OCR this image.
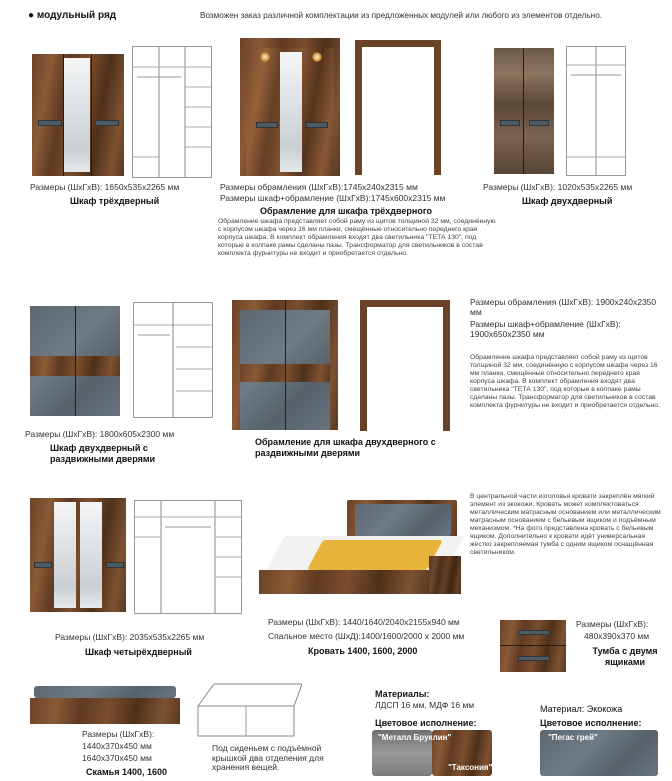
● модульный ряд	Возможен заказ различной комплектации из предложенных модулей или любого из элементов отдельно.
Размеры (ШхГхВ): 1650х535х2265 мм
Шкаф трёхдверный
Размеры обрамления (ШхГхВ):1745х240х2315 мм
Размеры шкаф+обрамление (ШхГхВ):1745х600х2315 мм
Обрамление для шкафа трёхдверного
Обрамление шкафа представляет собой раму из щитов толщиной 32 мм, соединённую с корпусом шкафа через 16 мм планки, смещённые относительно переднего края корпуса шкафа. В комплект обрамления входят два светильника "ТЕТА 130", под которые в колпаке рамы сделаны пазы. Трансформатор для светильников в состав комплекта фурнитуры не входит и приобретается отдельно.
Размеры (ШхГхВ): 1020х535х2265 мм
Шкаф двухдверный
Размеры (ШхГхВ): 1800х605х2300 мм
Шкаф двухдверный с раздвижными дверями
Обрамление для шкафа двухдверного с раздвижными дверями
Размеры обрамления (ШхГхВ): 1900х240х2350 мм
Размеры шкаф+обрамление (ШхГхВ): 1900х650х2350 мм
Обрамление шкафа представляет собой раму из щитов толщиной 32 мм, соединённую с корпусом шкафа через 16 мм планки, смещённые относительно переднего края корпуса шкафа. В комплект обрамления входят два светильника "ТЕТА 130", под которые в колпаке рамы сделаны пазы. Трансформатор для светильников в состав комплекта фурнитуры не входит и приобретается отдельно.
Размеры (ШхГхВ): 2035х535х2265 мм
Шкаф четырёхдверный
В центральной части изголовья кровати закреплён мягкий элемент из экокожи. Кровать может комплектоваться металлическим матрасным основанием или металлическим матрасным основанием с бельевым ящиком и подъёмным механизмом. *На фото представлена кровать с бельевым ящиком. Дополнительно к кровати идёт универсальная жёстко закрепляемая тумба с одним ящиком оснащённая светильником.
Размеры (ШхГхВ): 1440/1640/2040х2155х940 мм
Спальное место (ШхД):1400/1600/2000 х 2000 мм
Кровать 1400, 1600, 2000
Размеры (ШхГхВ):
480х390х370 мм
Тумба с двумя ящиками
Размеры (ШхГхВ):
1440х370х450 мм
1640х370х450 мм
Скамья 1400, 1600
Под сиденьем с подъёмной крышкой два отделения для хранения вещей.
Материалы:
ЛДСП 16 мм, МДФ 16 мм
Цветовое исполнение:
"Металл Бруклин"
"Таксония"
Материал: Экокожа
Цветовое исполнение:
"Пегас грей"
